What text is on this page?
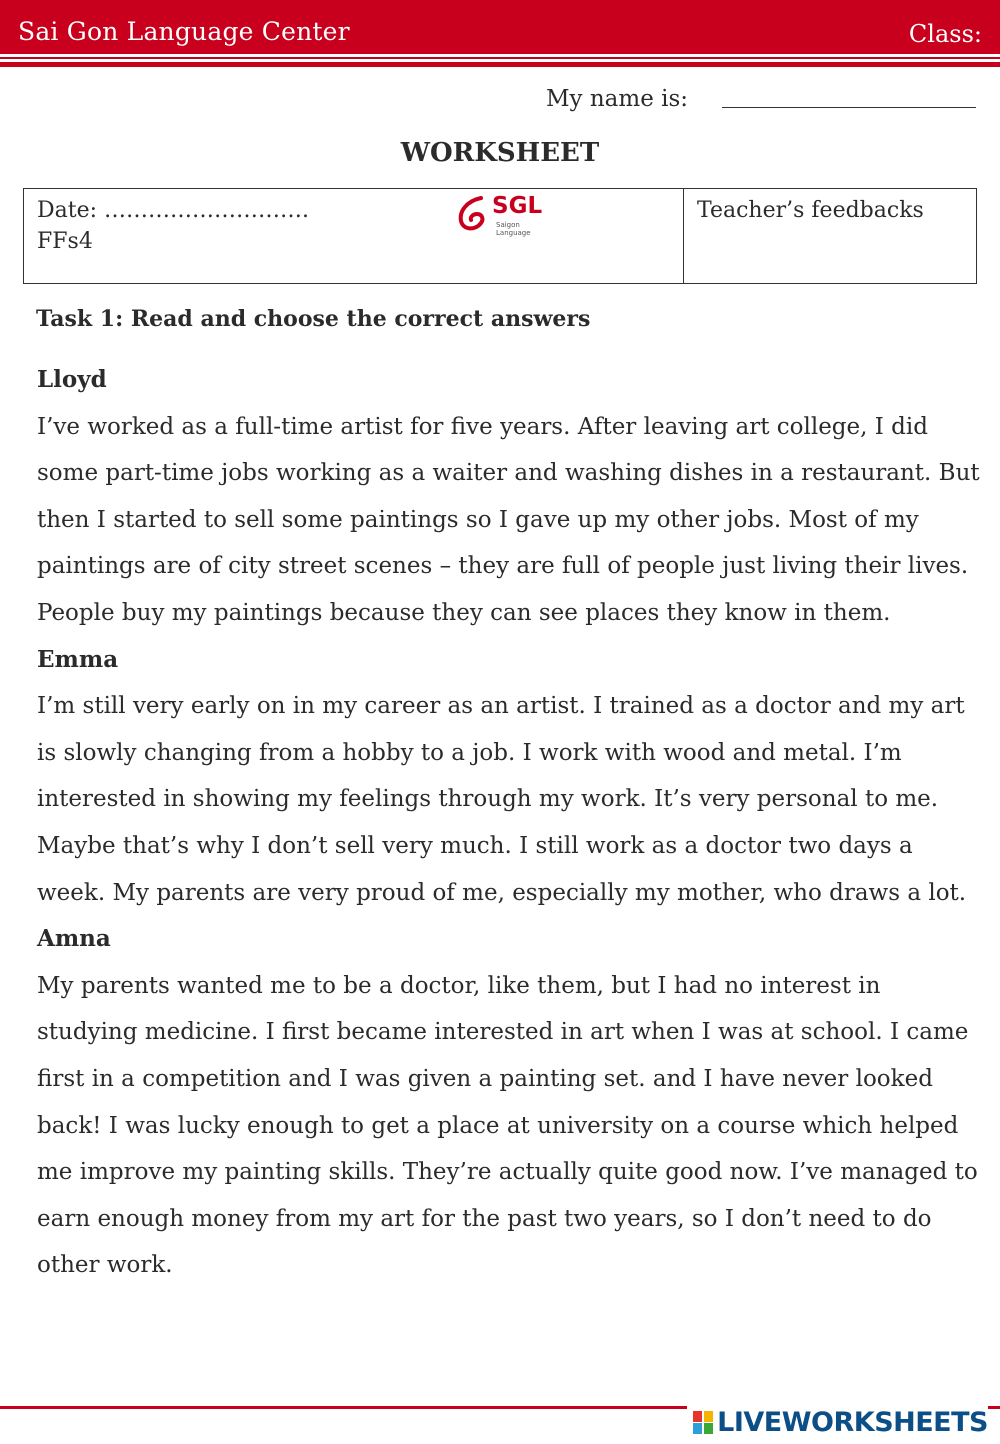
Sai Gon Language Center	Class:
My name is:
WORKSHEET
Date: ……………………….
FFs4
SGL
Saigon Language
Teacher’s feedbacks
Task 1: Read and choose the correct answers

Lloyd

I’ve worked as a full-time artist for five years. After leaving art college, I did some part-time jobs working as a waiter and washing dishes in a restaurant. But then I started to sell some paintings so I gave up my other jobs. Most of my paintings are of city street scenes – they are full of people just living their lives. People buy my paintings because they can see places they know in them.

Emma

I’m still very early on in my career as an artist. I trained as a doctor and my art is slowly changing from a hobby to a job. I work with wood and metal. I’m interested in showing my feelings through my work. It’s very personal to me. Maybe that’s why I don’t sell very much. I still work as a doctor two days a week. My parents are very proud of me, especially my mother, who draws a lot.

Amna

My parents wanted me to be a doctor, like them, but I had no interest in studying medicine. I first became interested in art when I was at school. I came first in a competition and I was given a painting set. and I have never looked back! I was lucky enough to get a place at university on a course which helped me improve my painting skills. They’re actually quite good now. I’ve managed to earn enough money from my art for the past two years, so I don’t need to do other work.

LIVEWORKSHEETS
